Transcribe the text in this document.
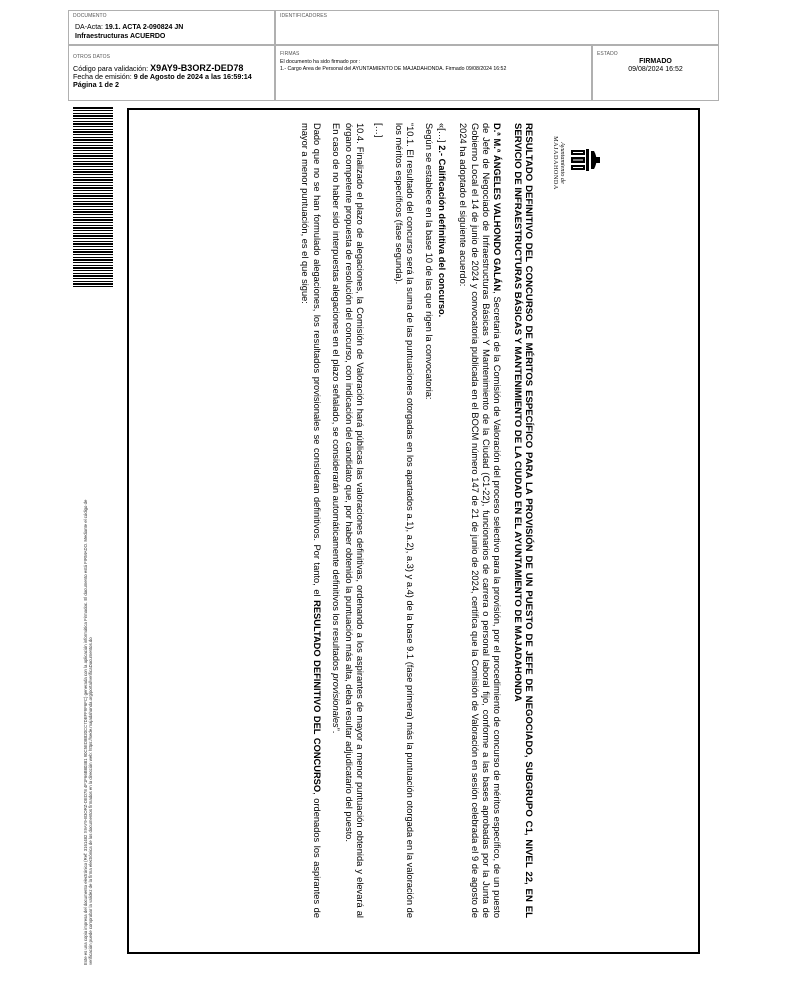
DOCUMENTO
DA-Acta: 19.1. ACTA 2-090824 JN
Infraestructuras ACUERDO
IDENTIFICADORES
OTROS DATOS
Código para validación: X9AY9-B3ORZ-DED78
Fecha de emisión: 9 de Agosto de 2024 a las 16:59:14
Página 1 de 2
FIRMAS
El documento ha sido firmado por :
1.- Cargo Area de Personal del AYUNTAMIENTO DE MAJADAHONDA. Firmado 09/08/2024 16:52
ESTADO
FIRMADO
09/08/2024 16:52
Este es una copia impresa del documento electrónico (Ref: 3161482 X9AY9-B3ORZ-DED78 4F1F66B80381 90C5ED8B20CC7DEFF9F6FC) generada con la aplicación informática Firmadoc. El documento está FIRMADO. Mediante el código de
verificación puede comprobar la validez de la firma electrónica de los documentos firmados en la dirección web: https://sede.majadahonda.org/portal/verificaDocumentos.do
Ayuntamiento de
MAJADAHONDA

RESULTADO DEFINITIVO DEL CONCURSO DE MÉRITOS ESPECÍFICO PARA LA PROVISIÓN DE UN PUESTO DE JEFE DE NEGOCIADO, SUBGRUPO C1, NIVEL 22, EN EL SERVICIO DE INFRAESTRUCTURAS BÁSICAS Y MANTENIMIENTO DE LA CIUDAD EN EL AYUNTAMIENTO DE MAJADAHONDA

D.ª M.ª ÁNGELES VALHONDO GALÁN, Secretaria de la Comisión de Valoración del proceso selectivo para la provisión, por el procedimiento de concurso de méritos específico, de un puesto de Jefe de Negociado de Infraestructuras Básicas Y Mantenimiento de la Ciudad (C1-22), funcionarios de carrera o personal laboral fijo, conforme a las bases aprobadas por la Junta de Gobierno Local el 14 de junio de 2024 y convocatoria publicada en el BOCM número 147 de 21 de junio de 2024, certifica que la Comisión de Valoración en sesión celebrada el 9 de agosto de 2024 ha adoptado el siguiente acuerdo:

«[…] 2.- Calificación definitiva del concurso.

Según se establece en la base 10 de las que rigen la convocatoria:

“10.1. El resultado del concurso será la suma de las puntuaciones otorgadas en los apartados a.1), a.2), a.3) y a.4) de la base 9.1 (fase primera) más la puntuación otorgada en la valoración de los méritos específicos (fase segunda).

[…]

10.4. Finalizado el plazo de alegaciones, la Comisión de Valoración hará públicas las valoraciones definitivas, ordenando a los aspirantes de mayor a menor puntuación obtenida y elevará al órgano competente propuesta de resolución del concurso, con indicación del candidato que, por haber obtenido la puntuación más alta, deba resultar adjudicatario del puesto.

En caso de no haber sido interpuestas alegaciones en el plazo señalado, se considerarán automáticamente definitivos los resultados provisionales”.

Dado que no se han formulado alegaciones, los resultados provisionales se consideran definitivos. Por tanto, el RESULTADO DEFINITIVO DEL CONCURSO, ordenados los aspirantes de mayor a menor puntuación, es el que sigue:
